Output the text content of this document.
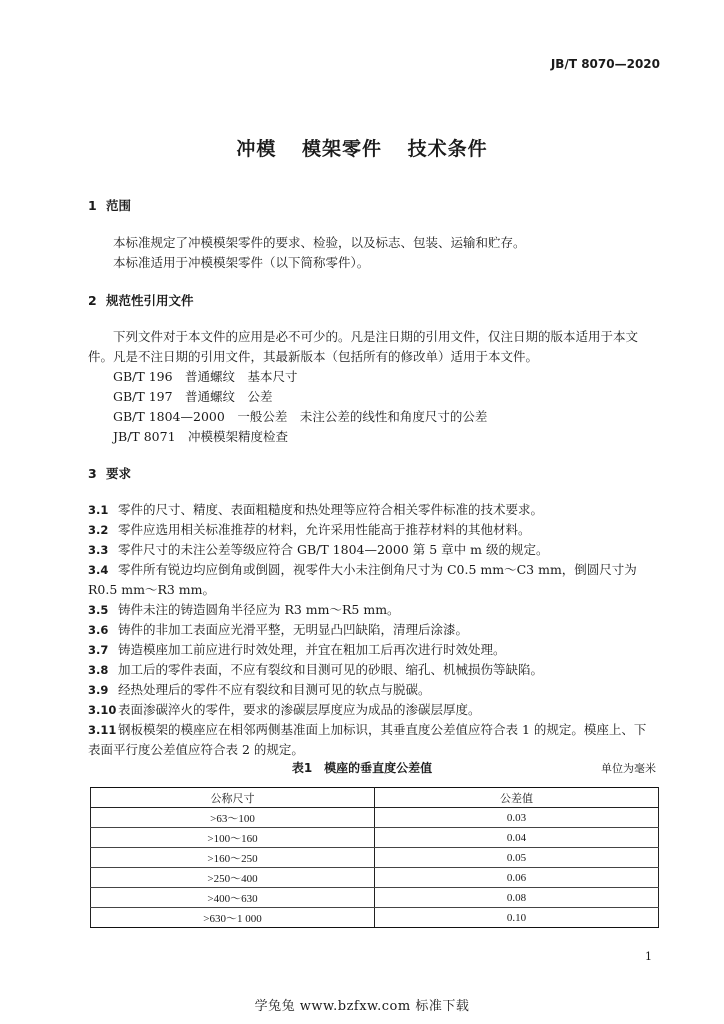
JB/T 8070—2020
冲模 模架零件 技术条件
1 范围
本标准规定了冲模模架零件的要求、检验，以及标志、包装、运输和贮存。
本标准适用于冲模模架零件（以下简称零件）。
2 规范性引用文件
下列文件对于本文件的应用是必不可少的。凡是注日期的引用文件，仅注日期的版本适用于本文
件。凡是不注日期的引用文件，其最新版本（包括所有的修改单）适用于本文件。
GB/T 196　普通螺纹　基本尺寸
GB/T 197　普通螺纹　公差
GB/T 1804—2000　一般公差　未注公差的线性和角度尺寸的公差
JB/T 8071　冲模模架精度检查
3 要求
3.1 零件的尺寸、精度、表面粗糙度和热处理等应符合相关零件标准的技术要求。
3.2 零件应选用相关标准推荐的材料，允许采用性能高于推荐材料的其他材料。
3.3 零件尺寸的未注公差等级应符合 GB/T 1804—2000 第 5 章中 m 级的规定。
3.4 零件所有锐边均应倒角或倒圆，视零件大小未注倒角尺寸为 C0.5 mm～C3 mm，倒圆尺寸为
R0.5 mm～R3 mm。
3.5 铸件未注的铸造圆角半径应为 R3 mm～R5 mm。
3.6 铸件的非加工表面应光滑平整，无明显凸凹缺陷，清理后涂漆。
3.7 铸造模座加工前应进行时效处理，并宜在粗加工后再次进行时效处理。
3.8 加工后的零件表面，不应有裂纹和目测可见的砂眼、缩孔、机械损伤等缺陷。
3.9 经热处理后的零件不应有裂纹和目测可见的软点与脱碳。
3.10 表面渗碳淬火的零件，要求的渗碳层厚度应为成品的渗碳层厚度。
3.11 钢板模架的模座应在相邻两侧基准面上加标识，其垂直度公差值应符合表 1 的规定。模座上、下
表面平行度公差值应符合表 2 的规定。
表1　模座的垂直度公差值	单位为毫米
公称尺寸	公差值
>63～100	0.03
>100～160	0.04
>160～250	0.05
>250～400	0.06
>400～630	0.08
>630～1 000	0.10
1
学兔兔 www.bzfxw.com 标准下载
